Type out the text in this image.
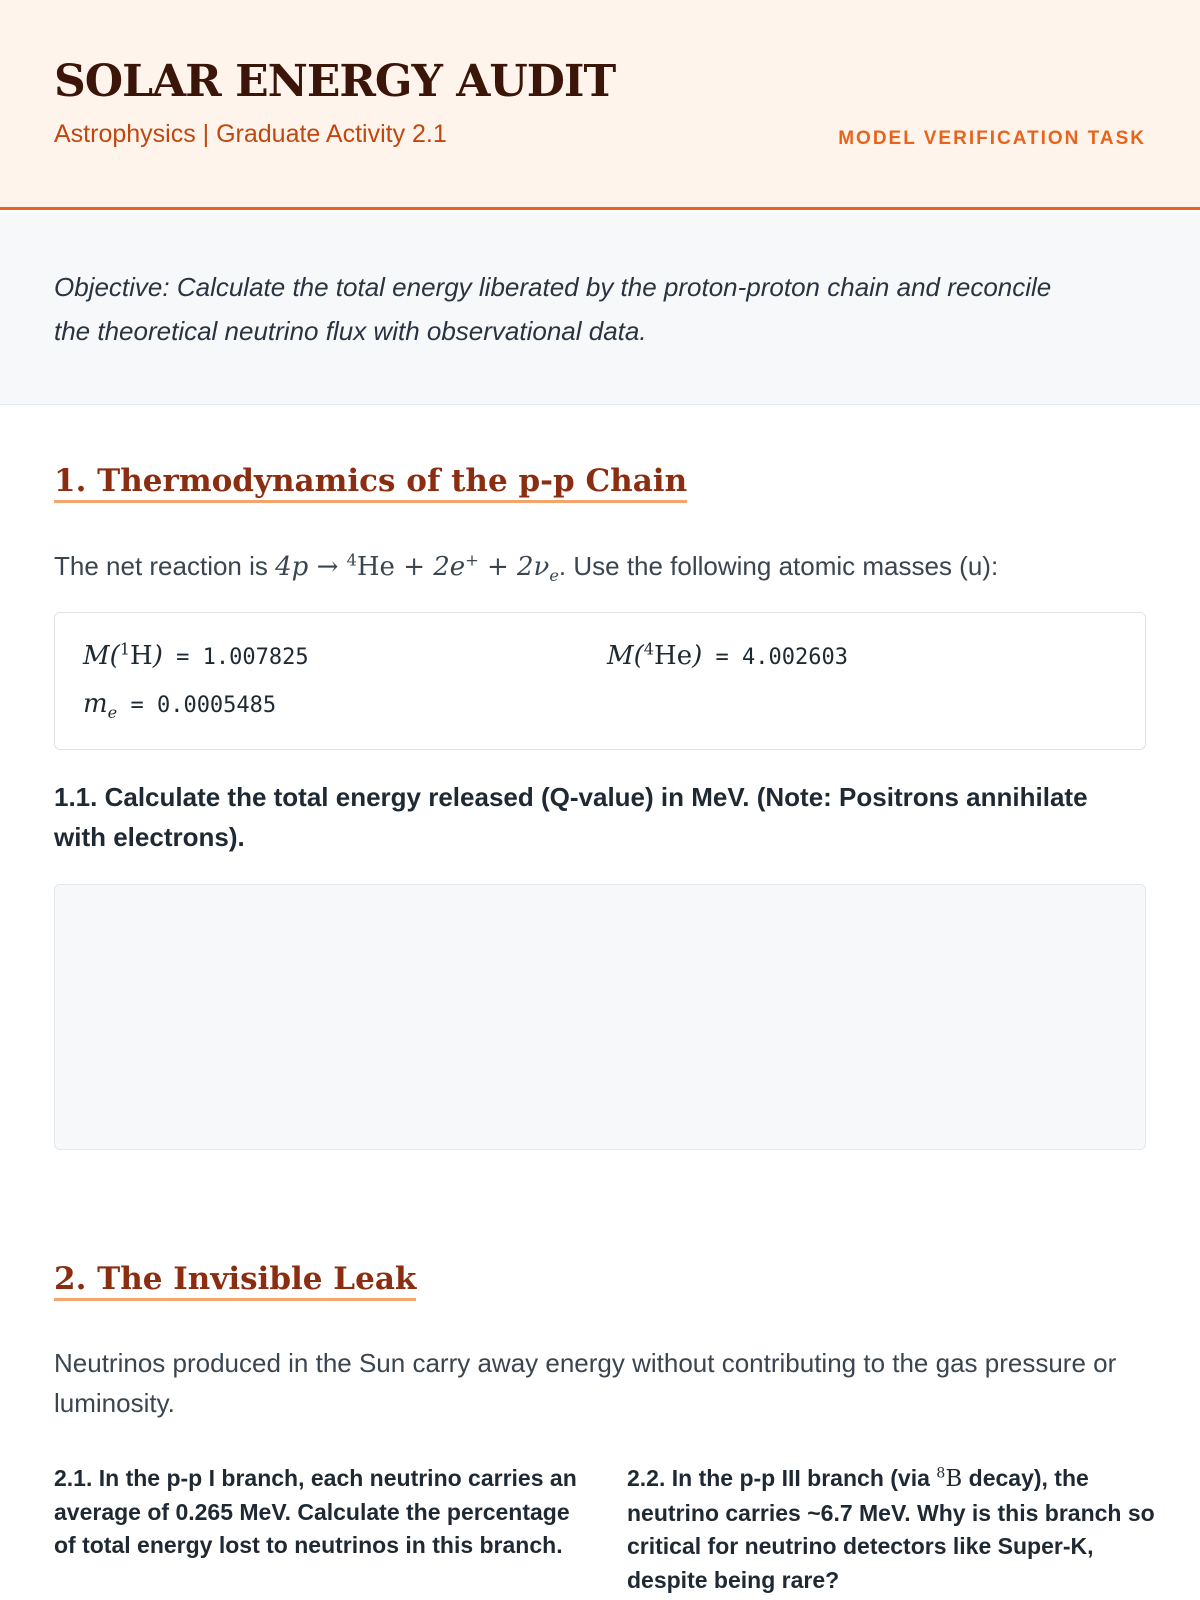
SOLAR ENERGY AUDIT
Astrophysics | Graduate Activity 2.1	MODEL VERIFICATION TASK
Objective: Calculate the total energy liberated by the proton-proton chain and reconcile the theoretical neutrino flux with observational data.
1. Thermodynamics of the p-p Chain
The net reaction is $4p \to ^4He + 2e^+ + 2\nu_e$. Use the following atomic masses (u):
M($^1$H) = 1.007825	M($^4$He) = 4.002603
$m_e = 0.0005485$
1.1. Calculate the total energy released (Q-value) in MeV. (Note: Positrons annihilate with electrons).
2. The Invisible Leak
Neutrinos produced in the Sun carry away energy without contributing to the gas pressure or luminosity.
2.1. In the p-p I branch, each neutrino carries an average of 0.265 MeV. Calculate the percentage of total energy lost to neutrinos in this branch.
2.2. In the p-p III branch (via $^8$B decay), the neutrino carries ~6.7 MeV. Why is this branch so critical for neutrino detectors like Super-K, despite being rare?
